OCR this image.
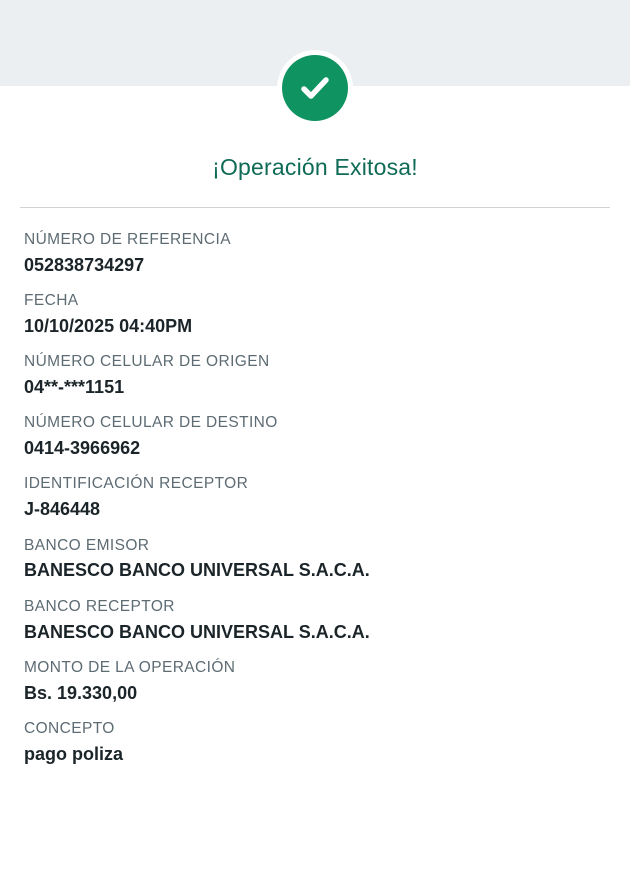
¡Operación Exitosa!
NÚMERO DE REFERENCIA
052838734297
FECHA
10/10/2025 04:40PM
NÚMERO CELULAR DE ORIGEN
04**-***1151
NÚMERO CELULAR DE DESTINO
0414-3966962
IDENTIFICACIÓN RECEPTOR
J-846448
BANCO EMISOR
BANESCO BANCO UNIVERSAL S.A.C.A.
BANCO RECEPTOR
BANESCO BANCO UNIVERSAL S.A.C.A.
MONTO DE LA OPERACIÓN
Bs. 19.330,00
CONCEPTO
pago poliza
